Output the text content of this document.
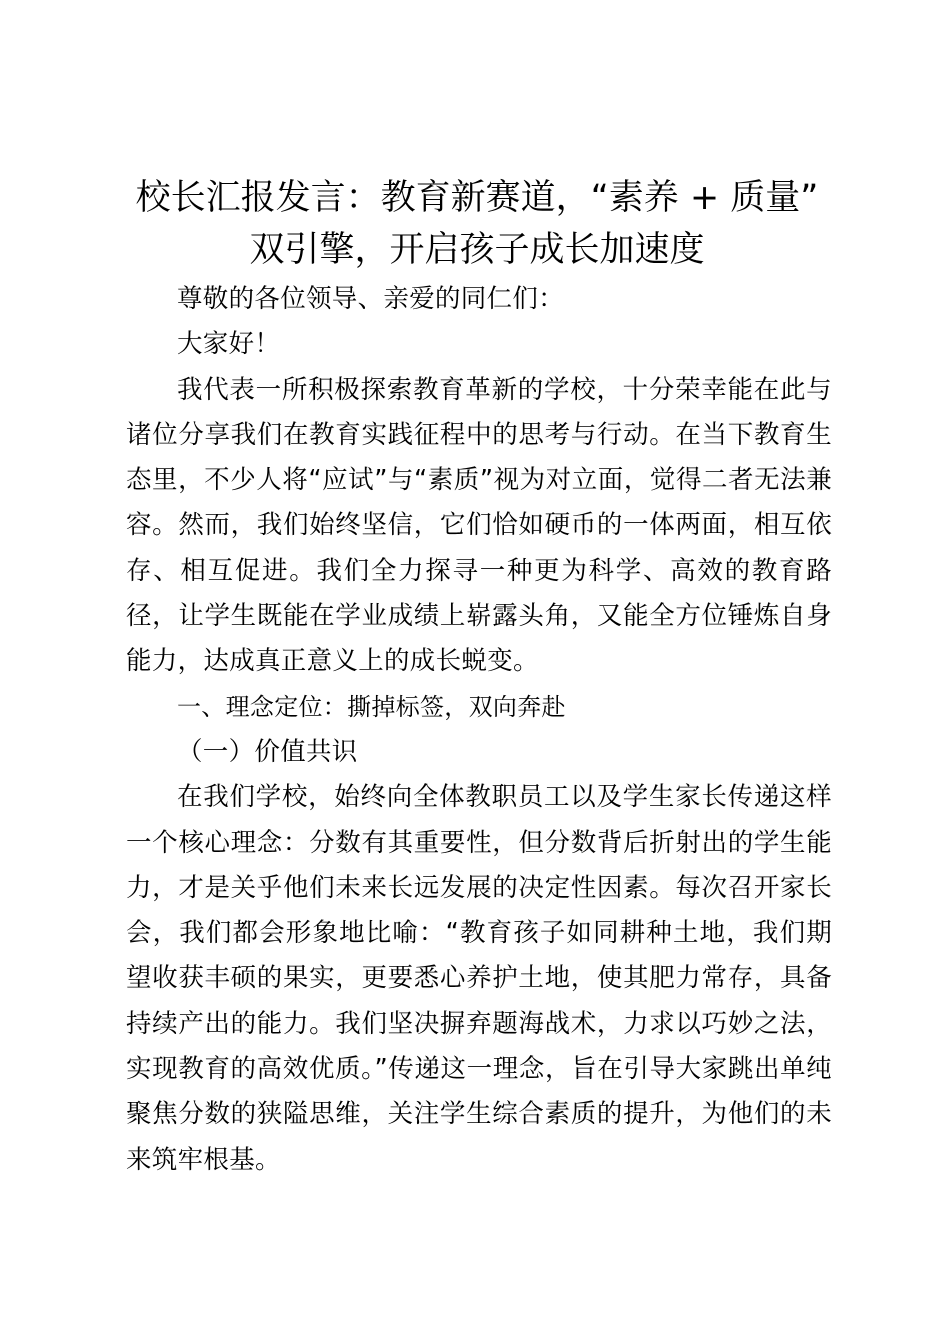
校长汇报发言：教育新赛道，“素养 + 质量” 双引擎，开启孩子成长加速度

尊敬的各位领导、亲爱的同仁们：

大家好！

我代表一所积极探索教育革新的学校，十分荣幸能在此与诸位分享我们在教育实践征程中的思考与行动。在当下教育生态里，不少人将“应试”与“素质”视为对立面，觉得二者无法兼容。然而，我们始终坚信，它们恰如硬币的一体两面，相互依存、相互促进。我们全力探寻一种更为科学、高效的教育路径，让学生既能在学业成绩上崭露头角，又能全方位锤炼自身能力，达成真正意义上的成长蜕变。

一、理念定位：撕掉标签，双向奔赴

（一）价值共识

在我们学校，始终向全体教职员工以及学生家长传递这样一个核心理念：分数有其重要性，但分数背后折射出的学生能力，才是关乎他们未来长远发展的决定性因素。每次召开家长会，我们都会形象地比喻：“教育孩子如同耕种土地，我们期望收获丰硕的果实，更要悉心养护土地，使其肥力常存，具备持续产出的能力。我们坚决摒弃题海战术，力求以巧妙之法，实现教育的高效优质。”传递这一理念，旨在引导大家跳出单纯聚焦分数的狭隘思维，关注学生综合素质的提升，为他们的未来筑牢根基。
